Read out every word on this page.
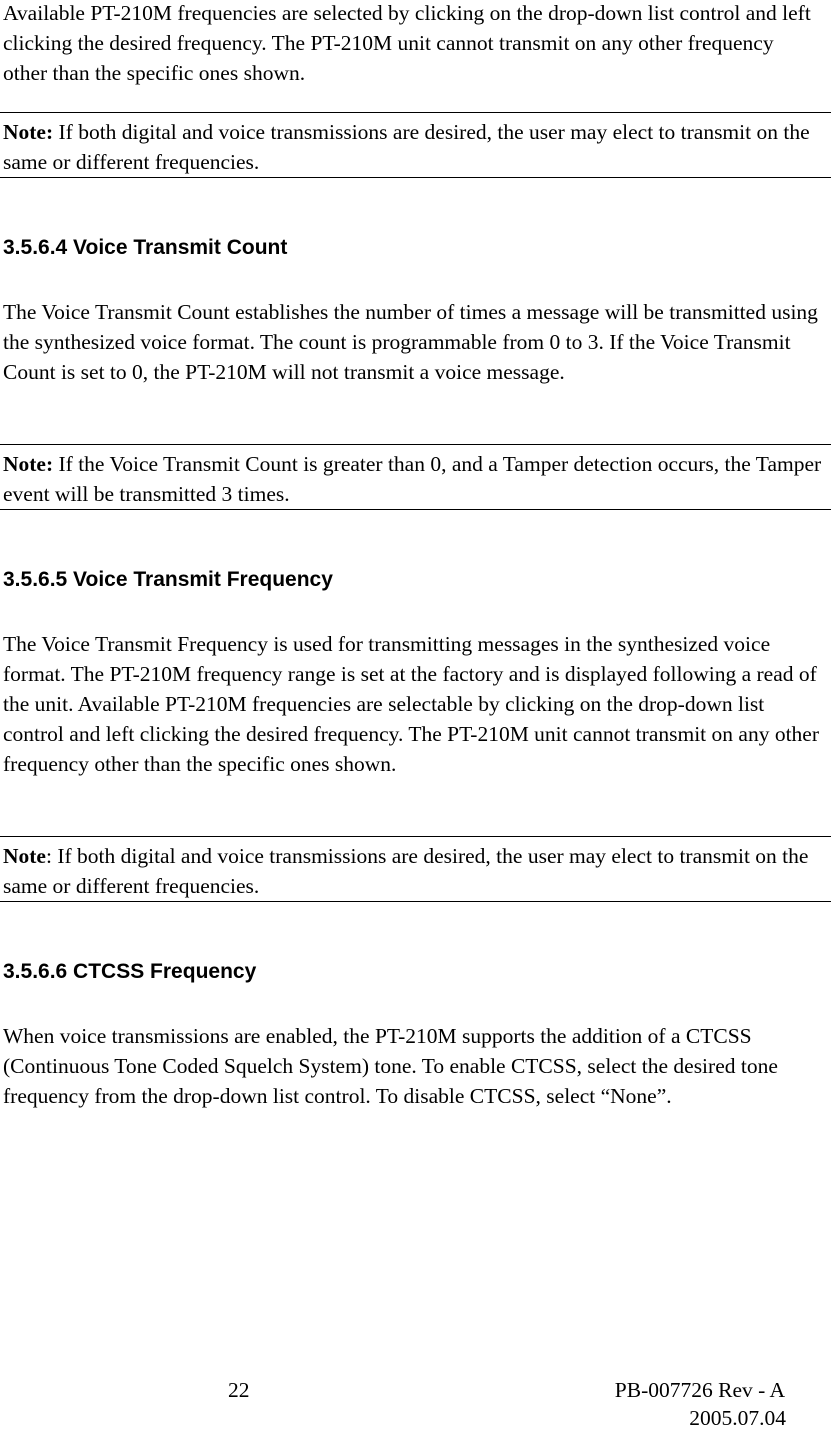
Available PT-210M frequencies are selected by clicking on the drop-down list control and left clicking the desired frequency. The PT-210M unit cannot transmit on any other frequency other than the specific ones shown.

Note: If both digital and voice transmissions are desired, the user may elect to transmit on the same or different frequencies.
3.5.6.4 Voice Transmit Count

The Voice Transmit Count establishes the number of times a message will be transmitted using the synthesized voice format. The count is programmable from 0 to 3. If the Voice Transmit Count is set to 0, the PT-210M will not transmit a voice message.

Note: If the Voice Transmit Count is greater than 0, and a Tamper detection occurs, the Tamper event will be transmitted 3 times.
3.5.6.5 Voice Transmit Frequency

The Voice Transmit Frequency is used for transmitting messages in the synthesized voice format. The PT-210M frequency range is set at the factory and is displayed following a read of the unit. Available PT-210M frequencies are selectable by clicking on the drop-down list control and left clicking the desired frequency. The PT-210M unit cannot transmit on any other frequency other than the specific ones shown.

Note: If both digital and voice transmissions are desired, the user may elect to transmit on the same or different frequencies.
3.5.6.6 CTCSS Frequency

When voice transmissions are enabled, the PT-210M supports the addition of a CTCSS (Continuous Tone Coded Squelch System) tone. To enable CTCSS, select the desired tone frequency from the drop-down list control. To disable CTCSS, select “None”.

22	PB-007726 Rev - A
2005.07.04
